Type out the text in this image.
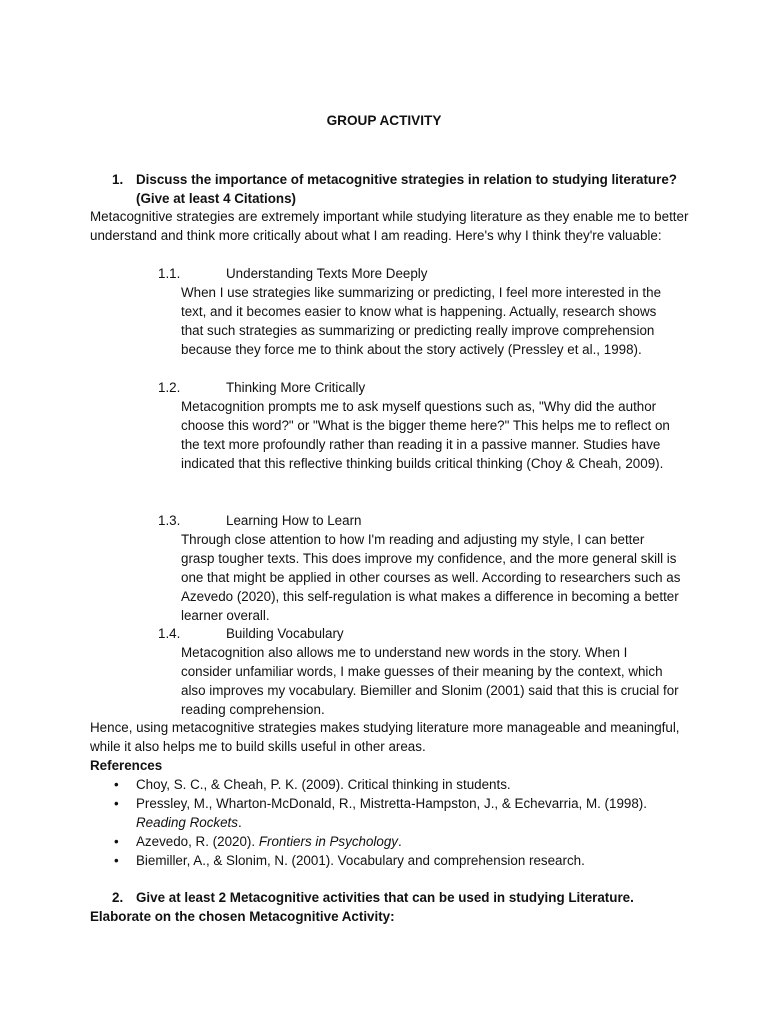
GROUP ACTIVITY
1. Discuss the importance of metacognitive strategies in relation to studying literature? (Give at least 4 Citations)
Metacognitive strategies are extremely important while studying literature as they enable me to better understand and think more critically about what I am reading. Here's why I think they're valuable:
1.1.	Understanding Texts More Deeply
When I use strategies like summarizing or predicting, I feel more interested in the text, and it becomes easier to know what is happening. Actually, research shows that such strategies as summarizing or predicting really improve comprehension because they force me to think about the story actively (Pressley et al., 1998).
1.2.	Thinking More Critically
Metacognition prompts me to ask myself questions such as, "Why did the author choose this word?" or "What is the bigger theme here?" This helps me to reflect on the text more profoundly rather than reading it in a passive manner. Studies have indicated that this reflective thinking builds critical thinking (Choy & Cheah, 2009).
1.3.	Learning How to Learn
Through close attention to how I'm reading and adjusting my style, I can better grasp tougher texts. This does improve my confidence, and the more general skill is one that might be applied in other courses as well. According to researchers such as Azevedo (2020), this self-regulation is what makes a difference in becoming a better learner overall.
1.4.	Building Vocabulary
Metacognition also allows me to understand new words in the story. When I consider unfamiliar words, I make guesses of their meaning by the context, which also improves my vocabulary. Biemiller and Slonim (2001) said that this is crucial for reading comprehension.
Hence, using metacognitive strategies makes studying literature more manageable and meaningful, while it also helps me to build skills useful in other areas.
References
• Choy, S. C., & Cheah, P. K. (2009). Critical thinking in students.
• Pressley, M., Wharton-McDonald, R., Mistretta-Hampston, J., & Echevarria, M. (1998). Reading Rockets.
• Azevedo, R. (2020). Frontiers in Psychology.
• Biemiller, A., & Slonim, N. (2001). Vocabulary and comprehension research.
2. Give at least 2 Metacognitive activities that can be used in studying Literature.
Elaborate on the chosen Metacognitive Activity:
